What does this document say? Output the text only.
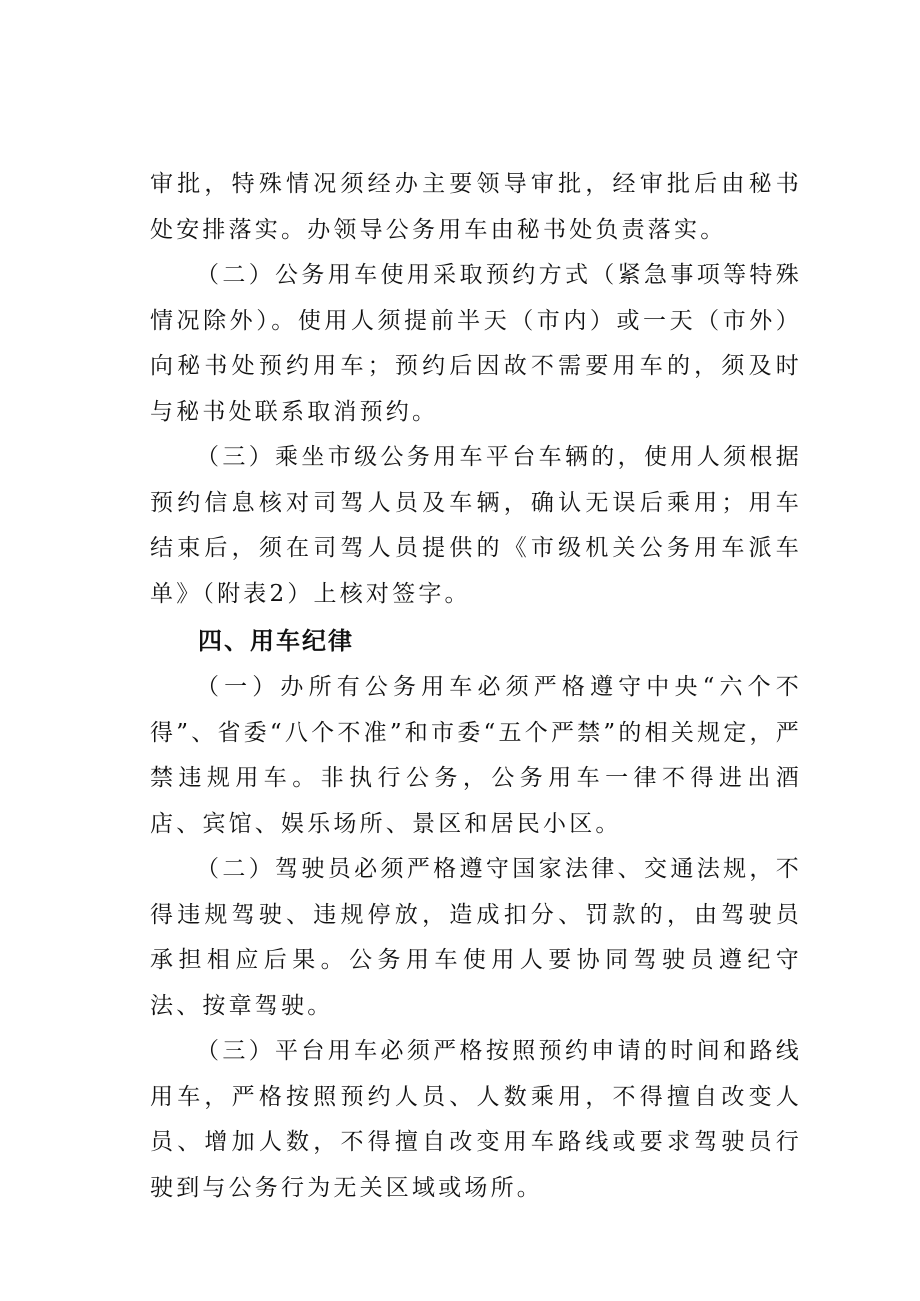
审批，特殊情况须经办主要领导审批，经审批后由秘书处安排落实。办领导公务用车由秘书处负责落实。

（二）公务用车使用采取预约方式（紧急事项等特殊情况除外）。使用人须提前半天（市内）或一天（市外）向秘书处预约用车；预约后因故不需要用车的，须及时与秘书处联系取消预约。

（三）乘坐市级公务用车平台车辆的，使用人须根据预约信息核对司驾人员及车辆，确认无误后乘用；用车结束后，须在司驾人员提供的《市级机关公务用车派车单》（附表2）上核对签字。

四、用车纪律

（一）办所有公务用车必须严格遵守中央“六个不得”、省委“八个不准”和市委“五个严禁”的相关规定，严禁违规用车。非执行公务，公务用车一律不得进出酒店、宾馆、娱乐场所、景区和居民小区。

（二）驾驶员必须严格遵守国家法律、交通法规，不得违规驾驶、违规停放，造成扣分、罚款的，由驾驶员承担相应后果。公务用车使用人要协同驾驶员遵纪守法、按章驾驶。

（三）平台用车必须严格按照预约申请的时间和路线用车，严格按照预约人员、人数乘用，不得擅自改变人员、增加人数，不得擅自改变用车路线或要求驾驶员行驶到与公务行为无关区域或场所。
